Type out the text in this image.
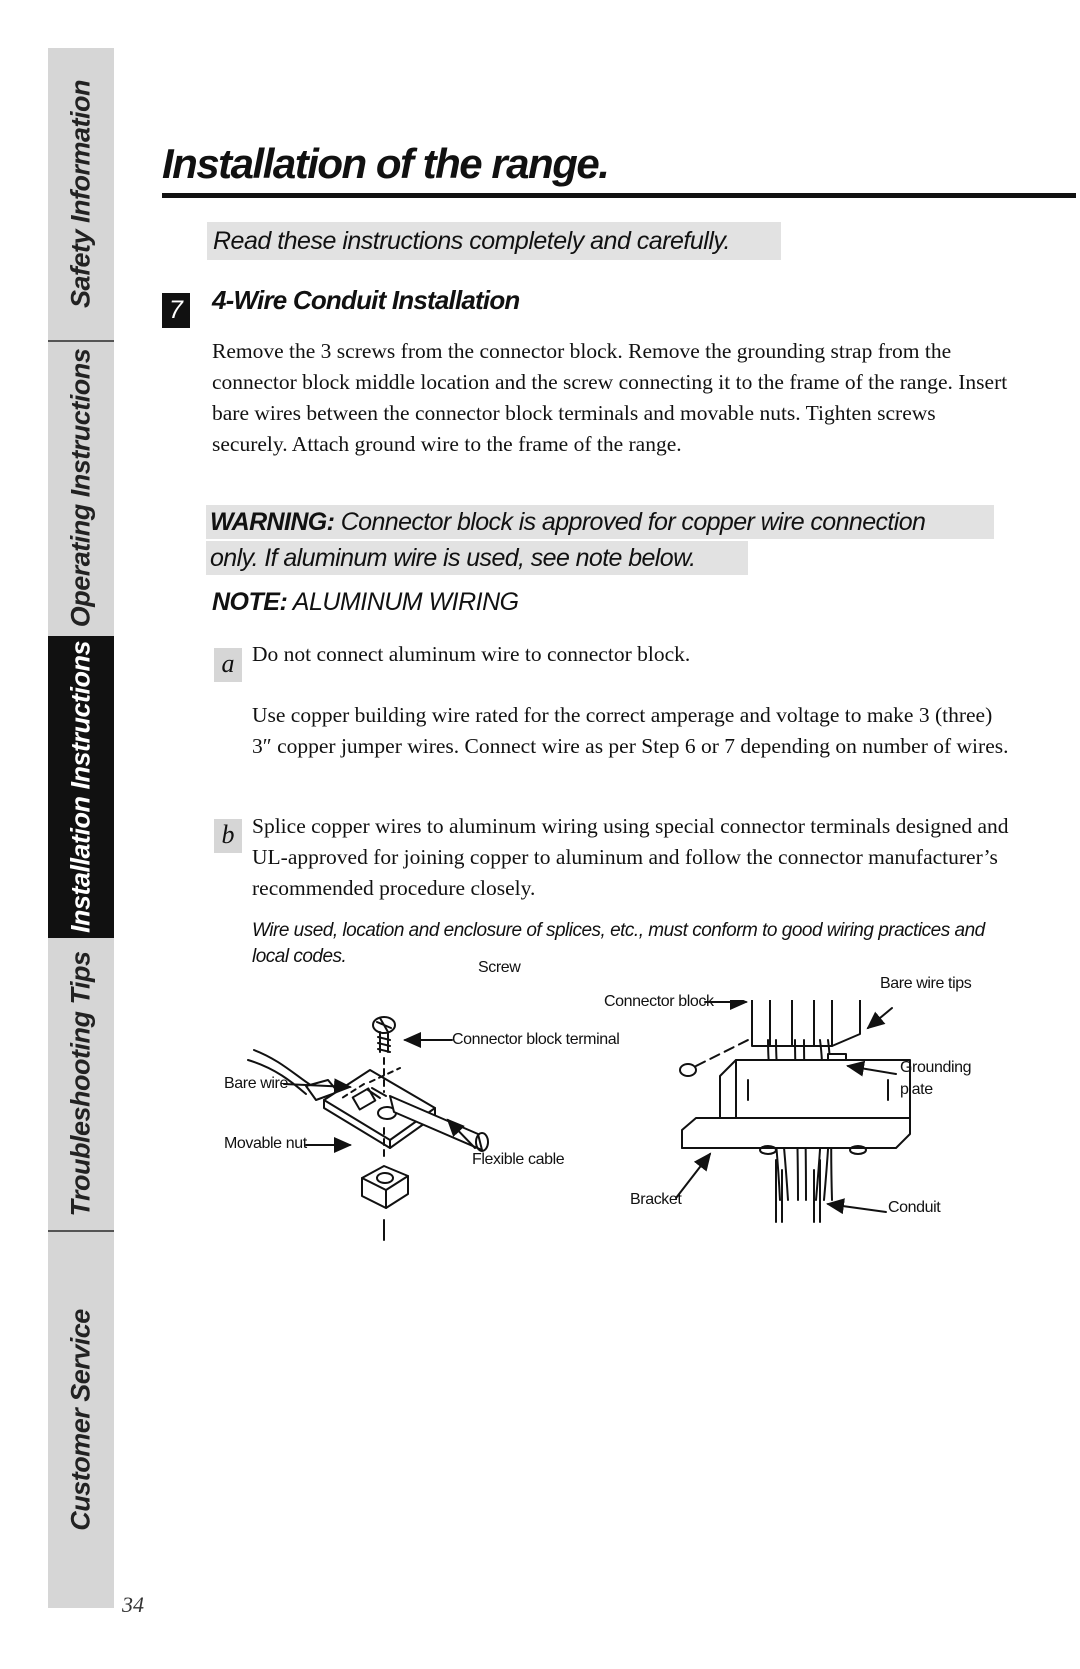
Safety Information
Operating Instructions
Installation Instructions
Troubleshooting Tips
Customer Service
34
Installation of the range.
Read these instructions completely and carefully.
7 4-Wire Conduit Installation

Remove the 3 screws from the connector block. Remove the grounding strap from the connector block middle location and the screw connecting it to the frame of the range. Insert bare wires between the connector block terminals and movable nuts. Tighten screws securely. Attach ground wire to the frame of the range.

WARNING: Connector block is approved for copper wire connection
only. If aluminum wire is used, see note below.
NOTE: ALUMINUM WIRING
a Do not connect aluminum wire to connector block.

Use copper building wire rated for the correct amperage and voltage to make 3 (three) 3″ copper jumper wires. Connect wire as per Step 6 or 7 depending on number of wires.

b Splice copper wires to aluminum wiring using special connector terminals designed and UL-approved for joining copper to aluminum and follow the connector manufacturer’s recommended procedure closely.

Wire used, location and enclosure of splices, etc., must conform to good wiring practices and local codes.

Screw
Connector block terminal
Bare wire
Movable nut
Flexible cable
Connector block
Bare wire tips
Grounding
plate
Bracket	Conduit
